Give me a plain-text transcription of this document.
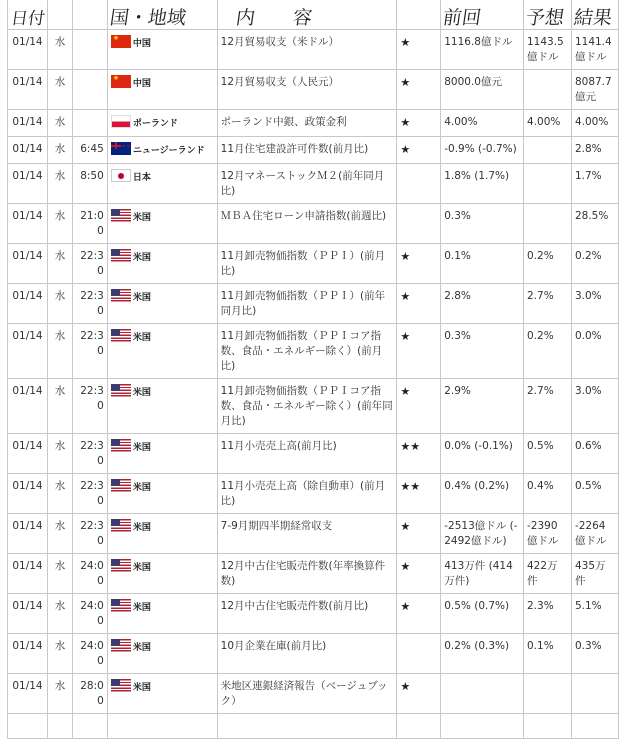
日付			国・地域	内容		前回	予想	結果
01/14	水		★中国	12月貿易収支（米ドル）	★	1116.8億ドル	1143.5億ドル	1141.4億ドル
01/14	水		★中国	12月貿易収支（人民元）	★	8000.0億元		8087.7億元
01/14	水		ポーランド	ポーランド中銀、政策金利	★	4.00%	4.00%	4.00%
01/14	水	6:45	* *ニュージーランド	11月住宅建設許可件数(前月比)	★	-0.9% (-0.7%)		2.8%
01/14	水	8:50	日本	12月マネーストックＭ２(前年同月比)		1.8% (1.7%)		1.7%
01/14	水	21:00	米国	ＭＢＡ住宅ローン申請指数(前週比)		0.3%		28.5%
01/14	水	22:30	米国	11月卸売物価指数（ＰＰＩ）(前月比)	★	0.1%	0.2%	0.2%
01/14	水	22:30	米国	11月卸売物価指数（ＰＰＩ）(前年同月比)	★	2.8%	2.7%	3.0%
01/14	水	22:30	米国	11月卸売物価指数（ＰＰＩコア指数、食品・エネルギー除く）(前月比)	★	0.3%	0.2%	0.0%
01/14	水	22:30	米国	11月卸売物価指数（ＰＰＩコア指数、食品・エネルギー除く）(前年同月比)	★	2.9%	2.7%	3.0%
01/14	水	22:30	米国	11月小売売上高(前月比)	★★	0.0% (-0.1%)	0.5%	0.6%
01/14	水	22:30	米国	11月小売売上高（除自動車）(前月比)	★★	0.4% (0.2%)	0.4%	0.5%
01/14	水	22:30	米国	7-9月期四半期経常収支	★	-2513億ドル (-2492億ドル)	-2390億ドル	-2264億ドル
01/14	水	24:00	米国	12月中古住宅販売件数(年率換算件数)	★	413万件 (414万件)	422万件	435万件
01/14	水	24:00	米国	12月中古住宅販売件数(前月比)	★	0.5% (0.7%)	2.3%	5.1%
01/14	水	24:00	米国	10月企業在庫(前月比)		0.2% (0.3%)	0.1%	0.3%
01/14	水	28:00	米国	米地区連銀経済報告（ベージュブック）	★			
